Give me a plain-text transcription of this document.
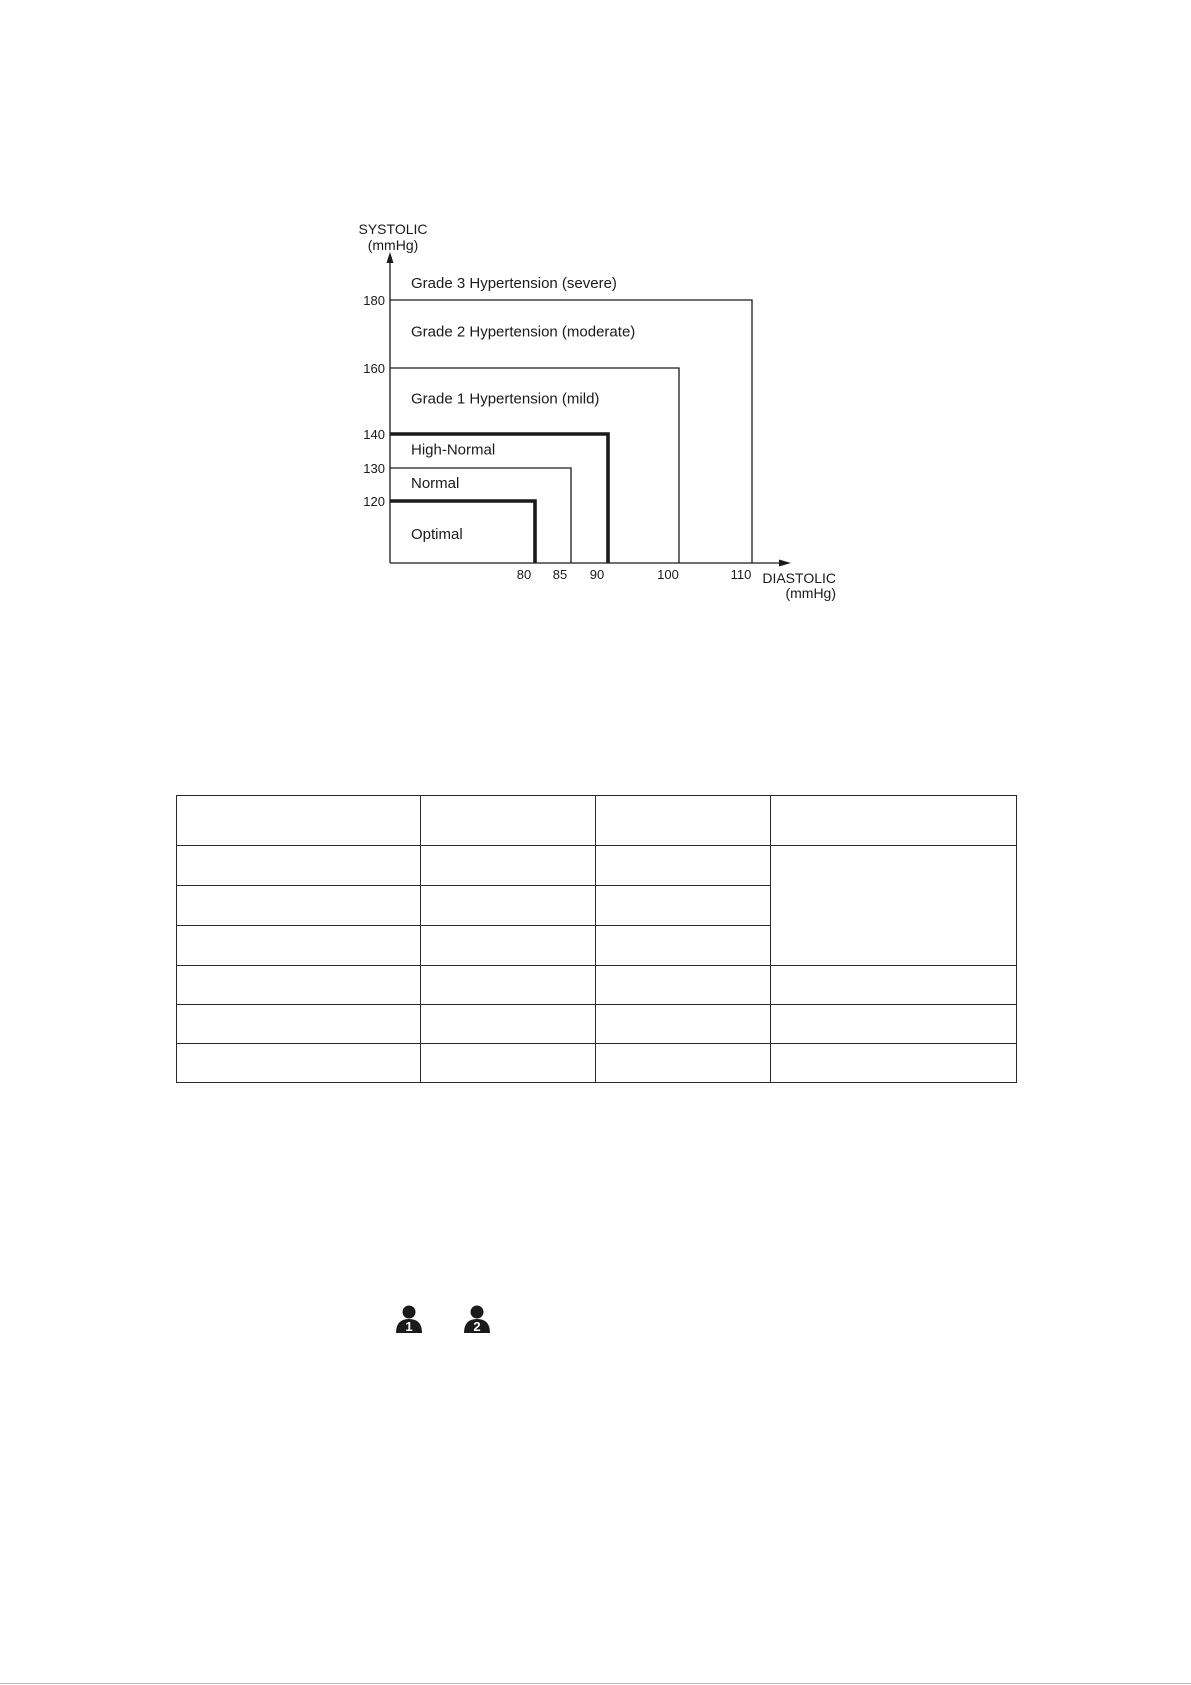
SYSTOLIC
(mmHg)
DIASTOLIC
(mmHg)
120
130
140
160
180
80 85 90	100	110
Optimal
Normal
High-Normal
Grade 1 Hypertension (mild)
Grade 2 Hypertension (moderate)
Grade 3 Hypertension (severe)

1	2
